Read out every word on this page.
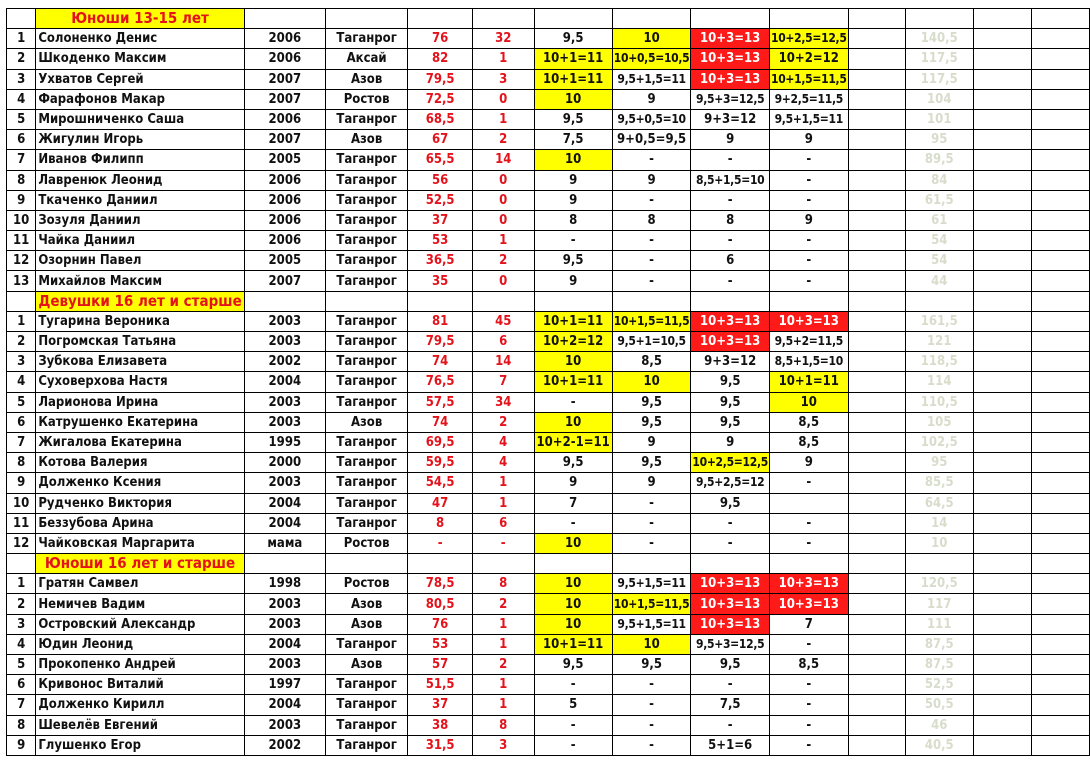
	Юноши 13-15 лет												
1	Солоненко Денис	2006	Таганрог	76	32	9,5	10	10+3=13	10+2,5=12,5		140,5		
2	Шкоденко Максим	2006	Аксай	82	1	10+1=11	10+0,5=10,5	10+3=13	10+2=12		117,5		
3	Ухватов Сергей	2007	Азов	79,5	3	10+1=11	9,5+1,5=11	10+3=13	10+1,5=11,5		117,5		
4	Фарафонов Макар	2007	Ростов	72,5	0	10	9	9,5+3=12,5	9+2,5=11,5		104		
5	Мирошниченко Саша	2006	Таганрог	68,5	1	9,5	9,5+0,5=10	9+3=12	9,5+1,5=11		101		
6	Жигулин Игорь	2007	Азов	67	2	7,5	9+0,5=9,5	9	9		95		
7	Иванов Филипп	2005	Таганрог	65,5	14	10	-	-	-		89,5		
8	Лавренюк Леонид	2006	Таганрог	56	0	9	9	8,5+1,5=10	-		84		
9	Ткаченко Даниил	2006	Таганрог	52,5	0	9	-	-	-		61,5		
10	Зозуля Даниил	2006	Таганрог	37	0	8	8	8	9		61		
11	Чайка Даниил	2006	Таганрог	53	1	-	-	-	-		54		
12	Озорнин Павел	2005	Таганрог	36,5	2	9,5	-	6	-		54		
13	Михайлов Максим	2007	Таганрог	35	0	9	-	-	-		44		
	Девушки 16 лет и старше												
1	Тугарина Вероника	2003	Таганрог	81	45	10+1=11	10+1,5=11,5	10+3=13	10+3=13		161,5		
2	Погромская Татьяна	2003	Таганрог	79,5	6	10+2=12	9,5+1=10,5	10+3=13	9,5+2=11,5		121		
3	Зубкова Елизавета	2002	Таганрог	74	14	10	8,5	9+3=12	8,5+1,5=10		118,5		
4	Суховерхова Настя	2004	Таганрог	76,5	7	10+1=11	10	9,5	10+1=11		114		
5	Ларионова Ирина	2003	Таганрог	57,5	34	-	9,5	9,5	10		110,5		
6	Катрушенко Екатерина	2003	Азов	74	2	10	9,5	9,5	8,5		105		
7	Жигалова Екатерина	1995	Таганрог	69,5	4	10+2-1=11	9	9	8,5		102,5		
8	Котова Валерия	2000	Таганрог	59,5	4	9,5	9,5	10+2,5=12,5	9		95		
9	Долженко Ксения	2003	Таганрог	54,5	1	9	9	9,5+2,5=12	-		85,5		
10	Рудченко Виктория	2004	Таганрог	47	1	7	-	9,5			64,5		
11	Беззубова Арина	2004	Таганрог	8	6	-	-	-	-		14		
12	Чайковская Маргарита	мама	Ростов	-	-	10	-	-	-		10		
	Юноши 16 лет и старше												
1	Гратян Самвел	1998	Ростов	78,5	8	10	9,5+1,5=11	10+3=13	10+3=13		120,5		
2	Немичев Вадим	2003	Азов	80,5	2	10	10+1,5=11,5	10+3=13	10+3=13		117		
3	Островский Александр	2003	Азов	76	1	10	9,5+1,5=11	10+3=13	7		111		
4	Юдин Леонид	2004	Таганрог	53	1	10+1=11	10	9,5+3=12,5	-		87,5		
5	Прокопенко Андрей	2003	Азов	57	2	9,5	9,5	9,5	8,5		87,5		
6	Кривонос Виталий	1997	Таганрог	51,5	1	-	-	-	-		52,5		
7	Долженко Кирилл	2004	Таганрог	37	1	5	-	7,5	-		50,5		
8	Шевелёв Евгений	2003	Таганрог	38	8	-	-	-	-		46		
9	Глушенко Егор	2002	Таганрог	31,5	3	-	-	5+1=6	-		40,5		
